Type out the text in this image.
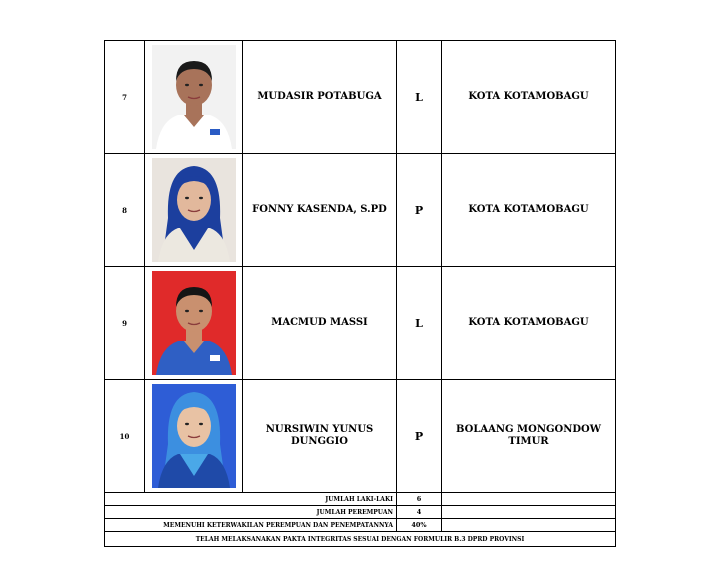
7		MUDASIR POTABUGA	L	KOTA KOTAMOBAGU
8		FONNY KASENDA, S.PD	P	KOTA KOTAMOBAGU
9		MACMUD MASSI	L	KOTA KOTAMOBAGU
10		NURSIWIN YUNUS DUNGGIO	P	BOLAANG MONGONDOW TIMUR
JUMLAH LAKI-LAKI			6	
JUMLAH PEREMPUAN			4	
MEMENUHI KETERWAKILAN PEREMPUAN DAN PENEMPATANNYA			40%	
TELAH MELAKSANAKAN PAKTA INTEGRITAS SESUAI DENGAN FORMULIR B.3 DPRD PROVINSI				
